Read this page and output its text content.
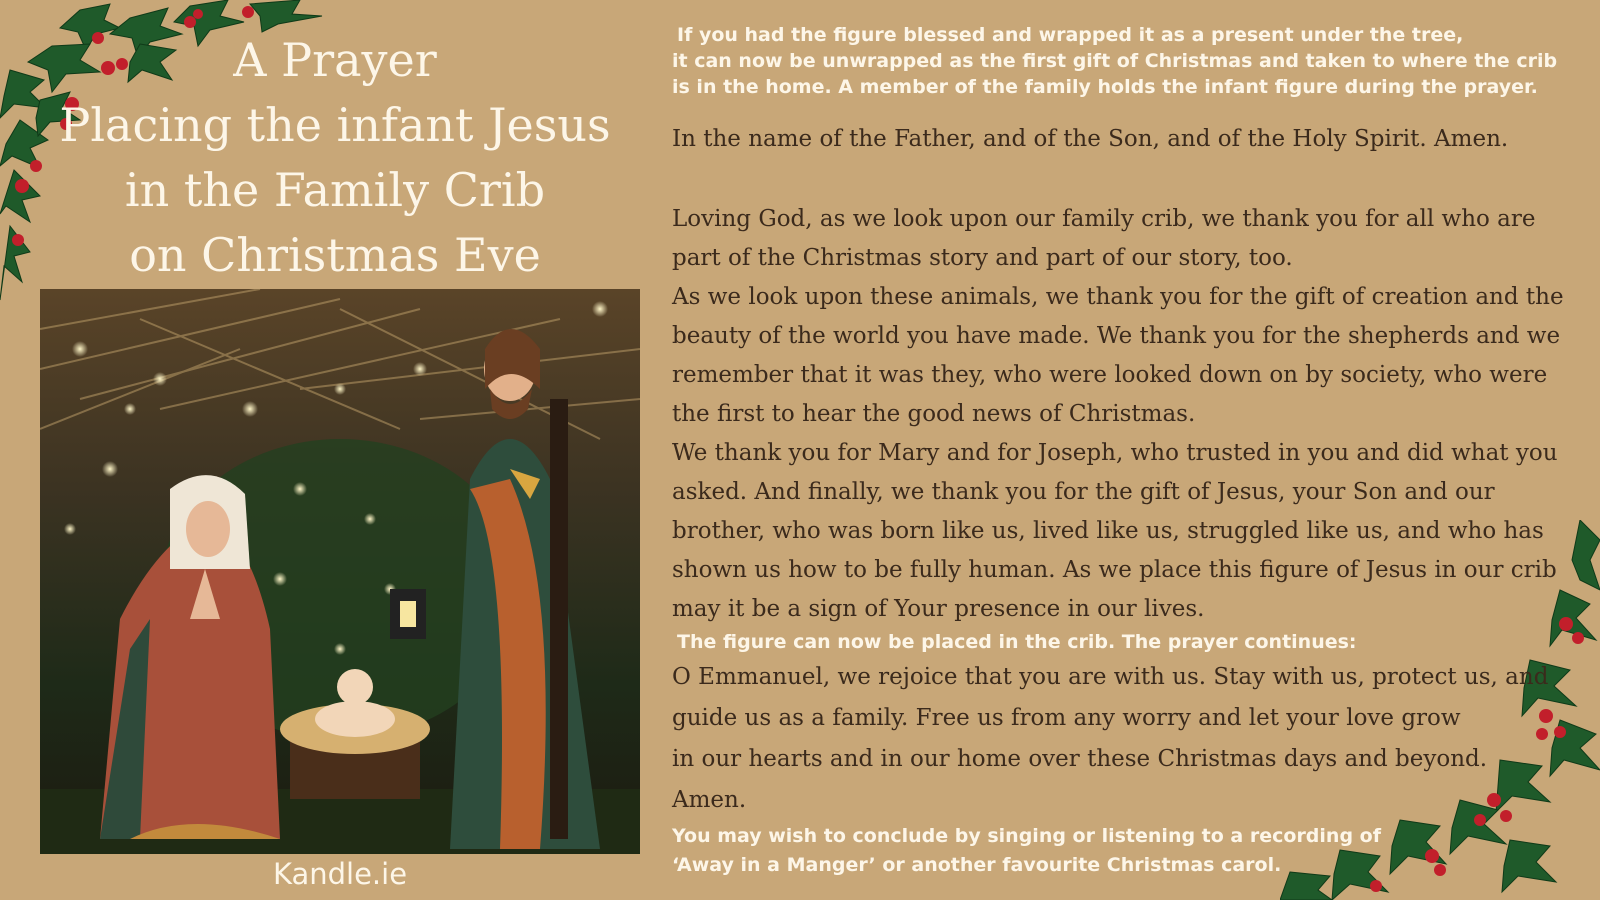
A Prayer
Placing the infant Jesus
in the Family Crib
on Christmas Eve
Kandle.ie
If you had the figure blessed and wrapped it as a present under the tree,
it can now be unwrapped as the first gift of Christmas and taken to where the crib
is in the home. A member of the family holds the infant figure during the prayer.
In the name of the Father, and of the Son, and of the Holy Spirit. Amen.
Loving God, as we look upon our family crib, we thank you for all who are
part of the Christmas story and part of our story, too.
As we look upon these animals, we thank you for the gift of creation and the
beauty of the world you have made. We thank you for the shepherds and we
remember that it was they, who were looked down on by society, who were
the first to hear the good news of Christmas.
We thank you for Mary and for Joseph, who trusted in you and did what you
asked. And finally, we thank you for the gift of Jesus, your Son and our
brother, who was born like us, lived like us, struggled like us, and who has
shown us how to be fully human. As we place this figure of Jesus in our crib
may it be a sign of Your presence in our lives.
The figure can now be placed in the crib. The prayer continues:
O Emmanuel, we rejoice that you are with us. Stay with us, protect us, and
guide us as a family. Free us from any worry and let your love grow
in our hearts and in our home over these Christmas days and beyond.
Amen.
You may wish to conclude by singing or listening to a recording of
‘Away in a Manger’ or another favourite Christmas carol.
